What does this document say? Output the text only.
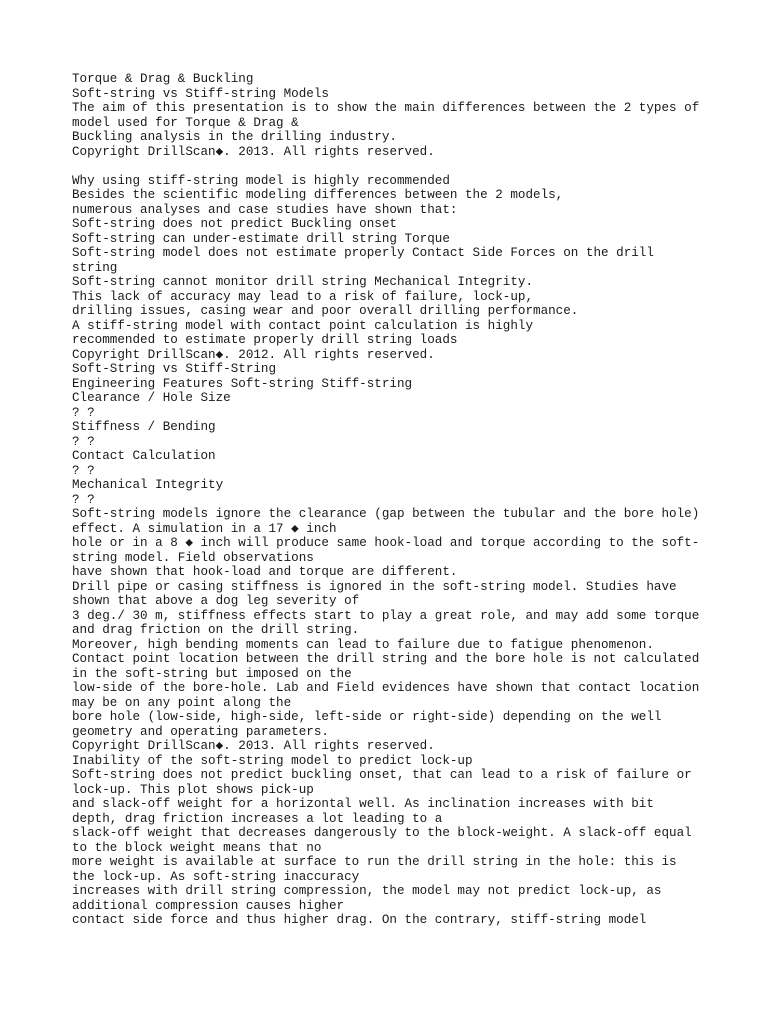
Torque & Drag & Buckling
Soft-string vs Stiff-string Models
The aim of this presentation is to show the main differences between the 2 types of model used for Torque & Drag &
Buckling analysis in the drilling industry.
Copyright DrillScan◆. 2013. All rights reserved.
Why using stiff-string model is highly recommended
Besides the scientific modeling differences between the 2 models,
numerous analyses and case studies have shown that:
Soft-string does not predict Buckling onset
Soft-string can under-estimate drill string Torque
Soft-string model does not estimate properly Contact Side Forces on the drill string
Soft-string cannot monitor drill string Mechanical Integrity.
This lack of accuracy may lead to a risk of failure, lock-up,
drilling issues, casing wear and poor overall drilling performance.
A stiff-string model with contact point calculation is highly
recommended to estimate properly drill string loads
Copyright DrillScan◆. 2012. All rights reserved.
Soft-String vs Stiff-String
Engineering Features Soft-string Stiff-string
Clearance / Hole Size
? ?
Stiffness / Bending
? ?
Contact Calculation
? ?
Mechanical Integrity
? ?
Soft-string models ignore the clearance (gap between the tubular and the bore hole) effect. A simulation in a 17 ◆ inch
hole or in a 8 ◆ inch will produce same hook-load and torque according to the soft-string model. Field observations
have shown that hook-load and torque are different.
Drill pipe or casing stiffness is ignored in the soft-string model. Studies have shown that above a dog leg severity of
3 deg./ 30 m, stiffness effects start to play a great role, and may add some torque and drag friction on the drill string.
Moreover, high bending moments can lead to failure due to fatigue phenomenon.
Contact point location between the drill string and the bore hole is not calculated in the soft-string but imposed on the
low-side of the bore-hole. Lab and Field evidences have shown that contact location may be on any point along the
bore hole (low-side, high-side, left-side or right-side) depending on the well geometry and operating parameters.
Copyright DrillScan◆. 2013. All rights reserved.
Inability of the soft-string model to predict lock-up
Soft-string does not predict buckling onset, that can lead to a risk of failure or lock-up. This plot shows pick-up
and slack-off weight for a horizontal well. As inclination increases with bit depth, drag friction increases a lot leading to a
slack-off weight that decreases dangerously to the block-weight. A slack-off equal to the block weight means that no
more weight is available at surface to run the drill string in the hole: this is the lock-up. As soft-string inaccuracy
increases with drill string compression, the model may not predict lock-up, as additional compression causes higher
contact side force and thus higher drag. On the contrary, stiff-string model
